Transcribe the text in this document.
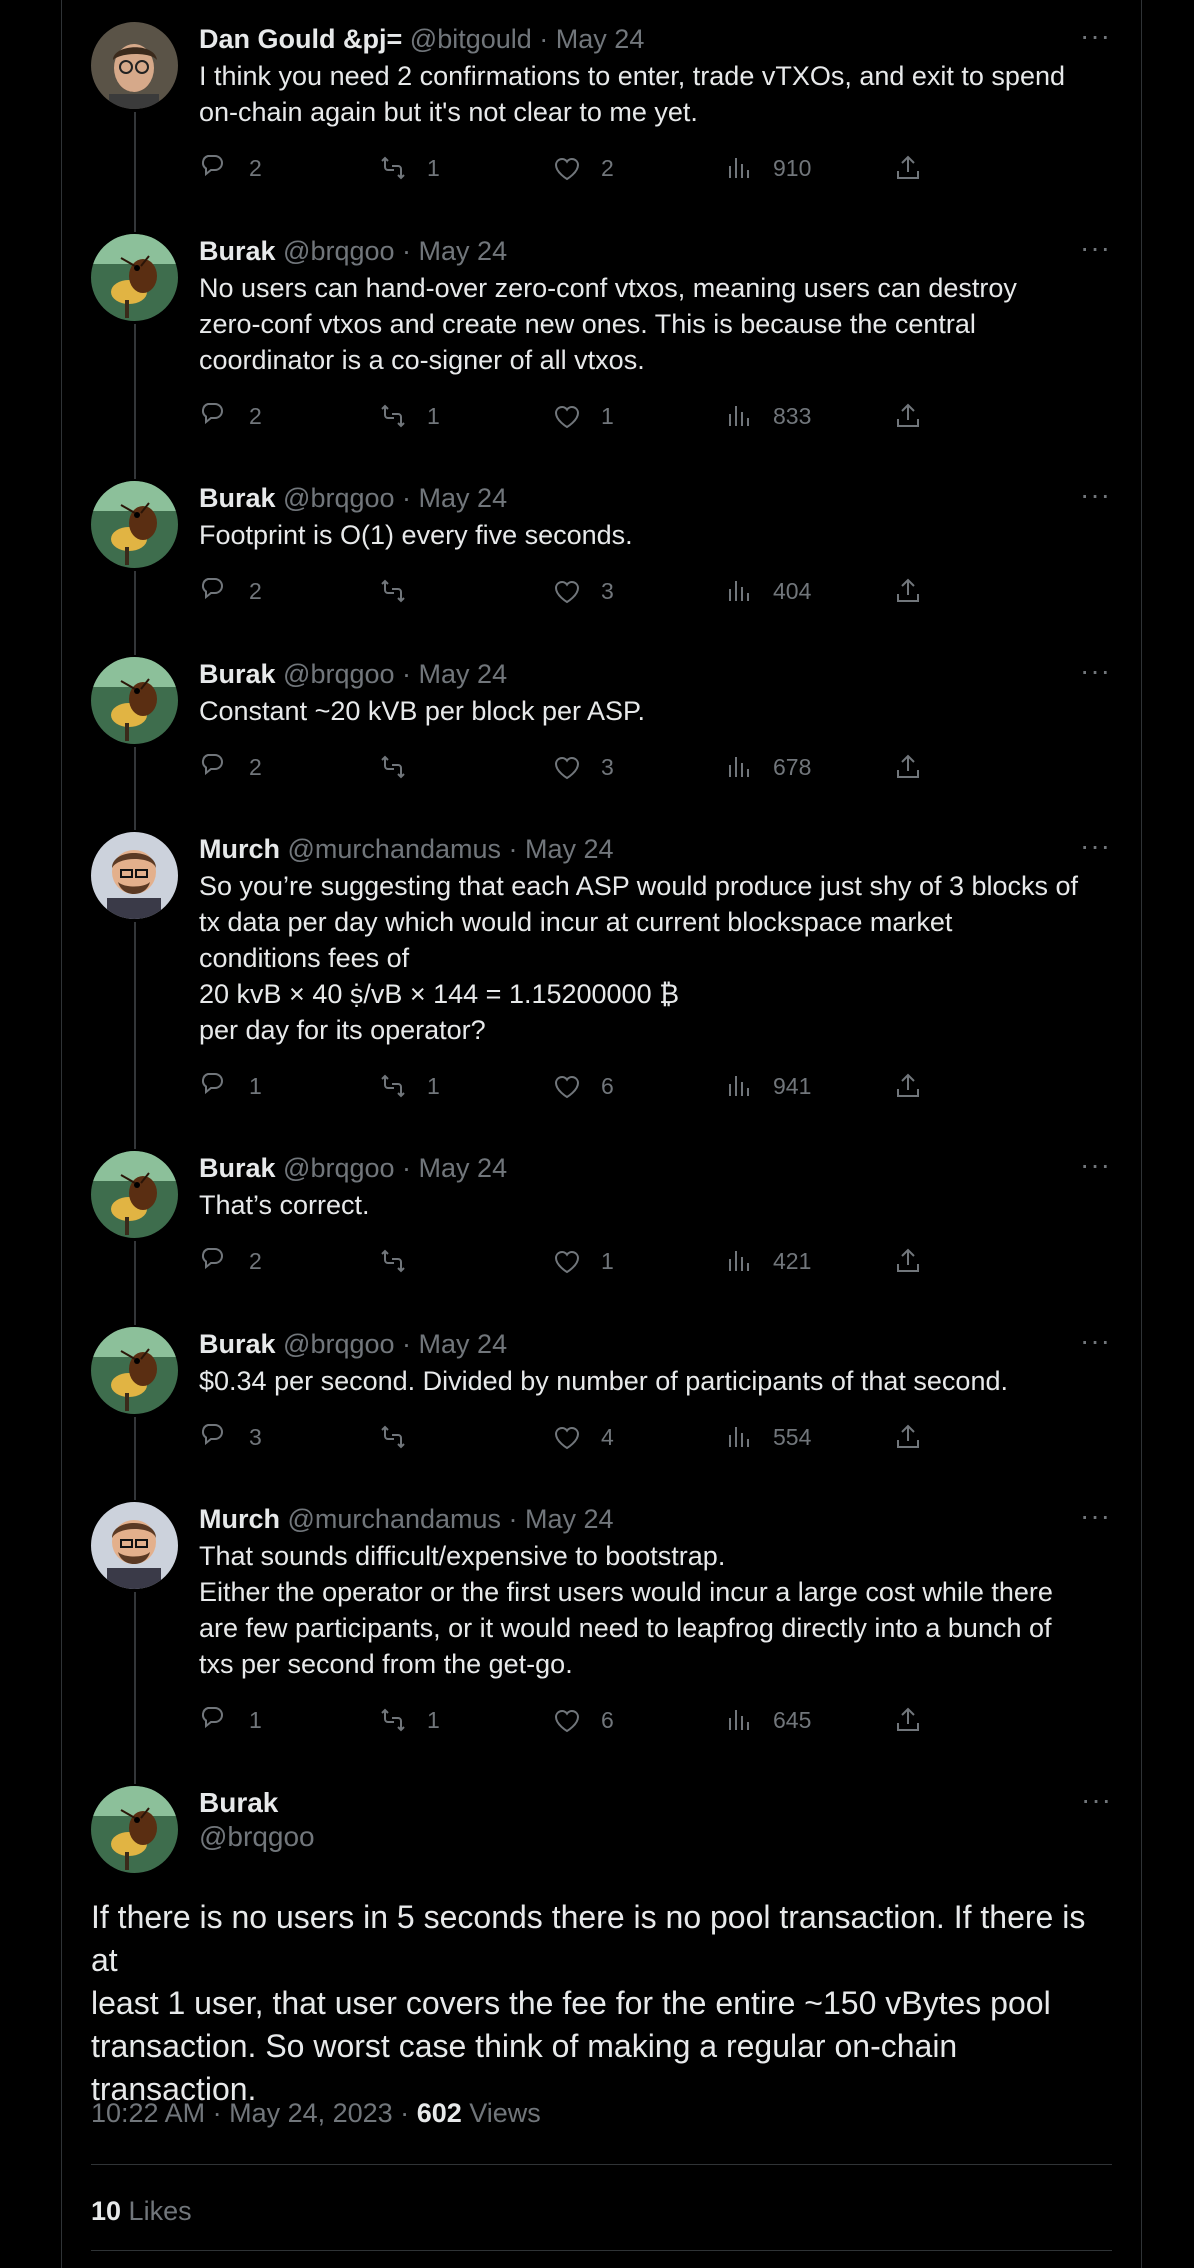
Dan Gould &pj= @bitgould · May 24	···
I think you need 2 confirmations to enter, trade vTXOs, and exit to spend
on-chain again but it's not clear to me yet.
2	1	2	910
Burak @brqgoo · May 24	···
No users can hand-over zero-conf vtxos, meaning users can destroy
zero-conf vtxos and create new ones. This is because the central
coordinator is a co-signer of all vtxos.
2	1	1	833
Burak @brqgoo · May 24	···
Footprint is O(1) every five seconds.
2	3	404
Burak @brqgoo · May 24	···
Constant ~20 kVB per block per ASP.
2	3	678
Murch @murchandamus · May 24	···
So you’re suggesting that each ASP would produce just shy of 3 blocks of
tx data per day which would incur at current blockspace market
conditions fees of
20 kvB × 40 ṩ/vB × 144 = 1.15200000 ₿
per day for its operator?
1	1	6	941
Burak @brqgoo · May 24	···
That’s correct.
2	1	421
Burak @brqgoo · May 24	···
$0.34 per second. Divided by number of participants of that second.
3	4	554
Murch @murchandamus · May 24	···
That sounds difficult/expensive to bootstrap.
Either the operator or the first users would incur a large cost while there
are few participants, or it would need to leapfrog directly into a bunch of
txs per second from the get-go.
1	1	6	645
Burak
@brqgoo
···
If there is no users in 5 seconds there is no pool transaction. If there is at
least 1 user, that user covers the fee for the entire ~150 vBytes pool
transaction. So worst case think of making a regular on-chain
transaction.
10:22 AM · May 24, 2023 · 602 Views
10 Likes
